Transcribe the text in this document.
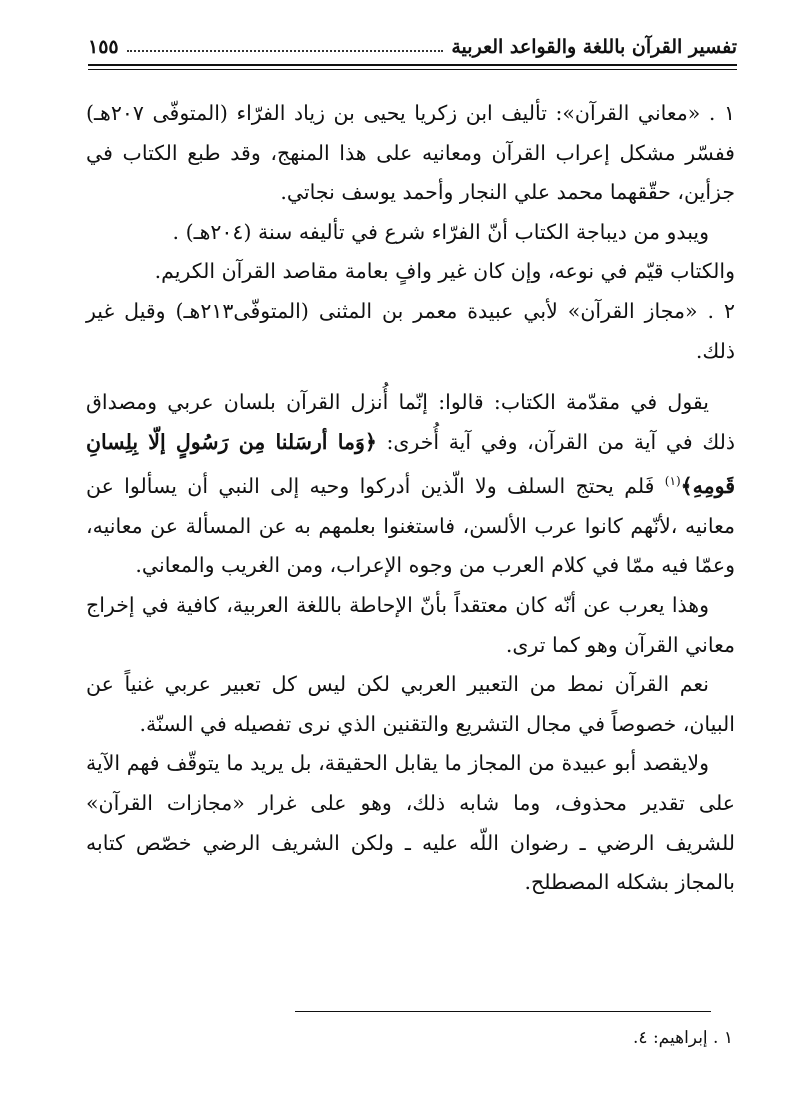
تفسير القرآن باللغة والقواعد العربية
١٥٥

١ . «معاني القرآن»: تأليف ابن زكريا يحيى بن زياد الفرّاء (المتوفّى ٢٠٧هـ) ففسّر مشكل إعراب القرآن ومعانيه على هذا المنهج، وقد طبع الكتاب في جزأين، حقّقهما محمد علي النجار وأحمد يوسف نجاتي.

ويبدو من ديباجة الكتاب أنّ الفرّاء شرع في تأليفه سنة (٢٠٤هـ) .

والكتاب قيّم في نوعه، وإن كان غير وافٍ بعامة مقاصد القرآن الكريم.

٢ . «مجاز القرآن» لأبي عبيدة معمر بن المثنى (المتوفّى٢١٣هـ) وقيل غير ذلك.

يقول في مقدّمة الكتاب: قالوا: إنّما أُنزل القرآن بلسان عربي ومصداق ذلك في آية من القرآن، وفي آية أُخرى: ﴿وَما أرسَلنا مِن رَسُولٍ إلّا بِلِسانِ قَومِهِ﴾$^{(١)}$ فَلم يحتج السلف ولا الّذين أدركوا وحيه إلى النبي أن يسألوا عن معانيه ،لأنّهم كانوا عرب الألسن، فاستغنوا بعلمهم به عن المسألة عن معانيه، وعمّا فيه ممّا في كلام العرب من وجوه الإعراب، ومن الغريب والمعاني.

وهذا يعرب عن أنّه كان معتقداً بأنّ الإحاطة باللغة العربية، كافية في إخراج معاني القرآن وهو كما ترى.

نعم القرآن نمط من التعبير العربي لكن ليس كل تعبير عربي غنياً عن البيان، خصوصاً في مجال التشريع والتقنين الذي نرى تفصيله في السنّة.

ولايقصد أبو عبيدة من المجاز ما يقابل الحقيقة، بل يريد ما يتوقّف فهم الآية على تقدير محذوف، وما شابه ذلك، وهو على غرار «مجازات القرآن» للشريف الرضي ـ رضوان اللّه عليه ـ ولكن الشريف الرضي خصّص كتابه بالمجاز بشكله المصطلح.

١ . إبراهيم: ٤.
